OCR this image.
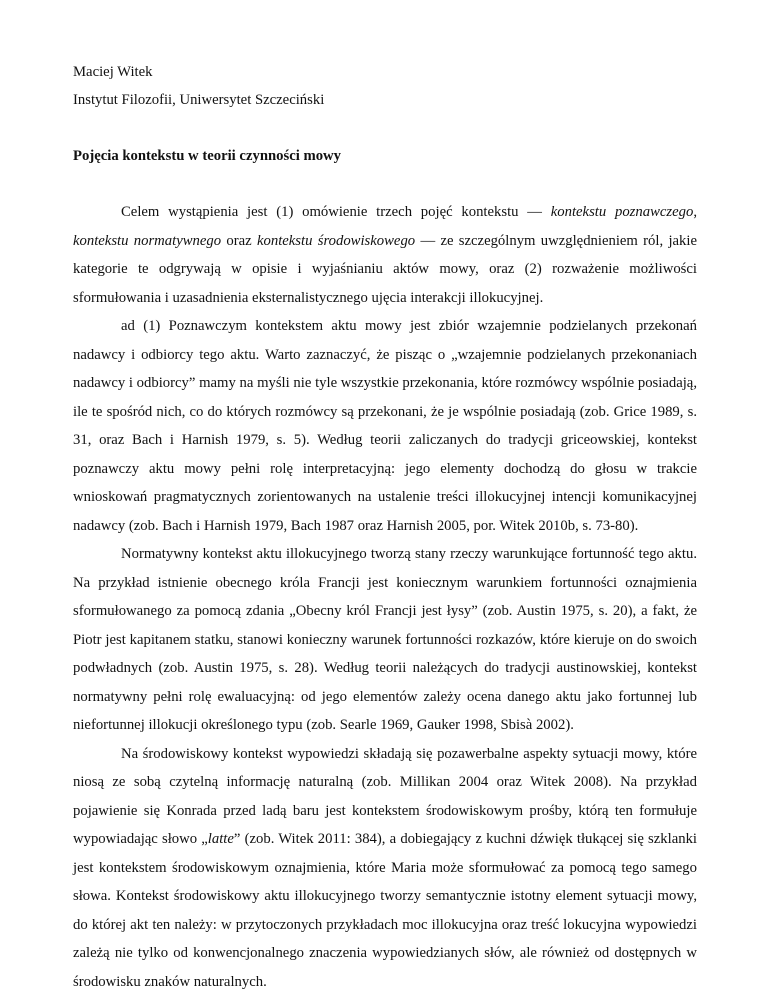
Maciej Witek

Instytut Filozofii, Uniwersytet Szczeciński

Pojęcia kontekstu w teorii czynności mowy

Celem wystąpienia jest (1) omówienie trzech pojęć kontekstu — kontekstu poznawczego, kontekstu normatywnego oraz kontekstu środowiskowego — ze szczególnym uwzględnieniem ról, jakie kategorie te odgrywają w opisie i wyjaśnianiu aktów mowy, oraz (2) rozważenie możliwości sformułowania i uzasadnienia eksternalistycznego ujęcia interakcji illokucyjnej.

ad (1) Poznawczym kontekstem aktu mowy jest zbiór wzajemnie podzielanych przekonań nadawcy i odbiorcy tego aktu. Warto zaznaczyć, że pisząc o „wzajemnie podzielanych przekonaniach nadawcy i odbiorcy” mamy na myśli nie tyle wszystkie przekonania, które rozmówcy wspólnie posiadają, ile te spośród nich, co do których rozmówcy są przekonani, że je wspólnie posiadają (zob. Grice 1989, s. 31, oraz Bach i Harnish 1979, s. 5). Według teorii zaliczanych do tradycji griceowskiej, kontekst poznawczy aktu mowy pełni rolę interpretacyjną: jego elementy dochodzą do głosu w trakcie wnioskowań pragmatycznych zorientowanych na ustalenie treści illokucyjnej intencji komunikacyjnej nadawcy (zob. Bach i Harnish 1979, Bach 1987 oraz Harnish 2005, por. Witek 2010b, s. 73-80).

Normatywny kontekst aktu illokucyjnego tworzą stany rzeczy warunkujące fortunność tego aktu. Na przykład istnienie obecnego króla Francji jest koniecznym warunkiem fortunności oznajmienia sformułowanego za pomocą zdania „Obecny król Francji jest łysy” (zob. Austin 1975, s. 20), a fakt, że Piotr jest kapitanem statku, stanowi konieczny warunek fortunności rozkazów, które kieruje on do swoich podwładnych (zob. Austin 1975, s. 28). Według teorii należących do tradycji austinowskiej, kontekst normatywny pełni rolę ewaluacyjną: od jego elementów zależy ocena danego aktu jako fortunnej lub niefortunnej illokucji określonego typu (zob. Searle 1969, Gauker 1998, Sbisà 2002).

Na środowiskowy kontekst wypowiedzi składają się pozawerbalne aspekty sytuacji mowy, które niosą ze sobą czytelną informację naturalną (zob. Millikan 2004 oraz Witek 2008). Na przykład pojawienie się Konrada przed ladą baru jest kontekstem środowiskowym prośby, którą ten formułuje wypowiadając słowo „latte” (zob. Witek 2011: 384), a dobiegający z kuchni dźwięk tłukącej się szklanki jest kontekstem środowiskowym oznajmienia, które Maria może sformułować za pomocą tego samego słowa. Kontekst środowiskowy aktu illokucyjnego tworzy semantycznie istotny element sytuacji mowy, do której akt ten należy: w przytoczonych przykładach moc illokucyjna oraz treść lokucyjna wypowiedzi zależą nie tylko od konwencjonalnego znaczenia wypowiedzianych słów, ale również od dostępnych w środowisku znaków naturalnych.
